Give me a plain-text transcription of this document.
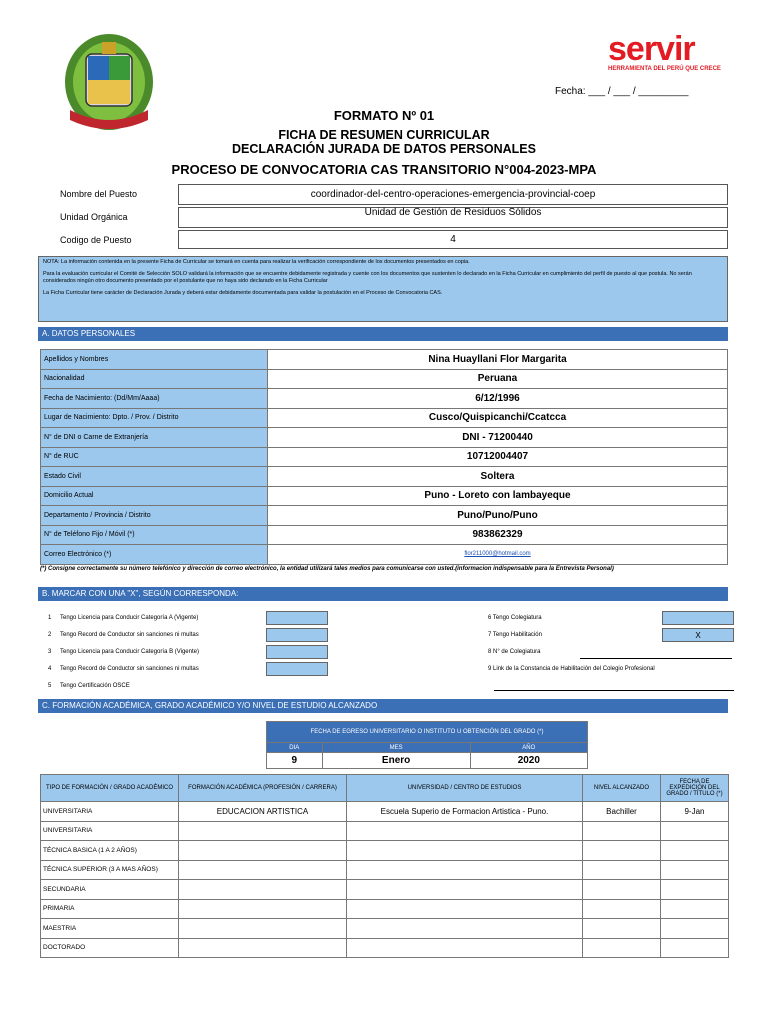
servir
HERRAMIENTA DEL PERÚ QUE CRECE
Fecha: ___ / ___ / _________
FORMATO Nº 01
FICHA DE RESUMEN CURRICULAR
DECLARACIÓN JURADA DE DATOS PERSONALES
PROCESO DE CONVOCATORIA CAS TRANSITORIO N°004-2023-MPA
Nombre del Puesto	coordinador-del-centro-operaciones-emergencia-provincial-coep
Unidad Orgánica	Unidad de Gestión de Residuos Sólidos
Codigo de Puesto	4

NOTA: La información contenida en la presente Ficha de Curricular se tomará en cuenta para realizar la verificación correspondiente de los documentos presentados en copia.

Para la evaluación curricular el Comité de Selección SOLO validará la información que se encuentre debidamente registrada y cuente con los documentos que sustenten lo declarado en la Ficha Curricular en cumplimiento del perfil de puesto al que postula. No serán considerados ningún otro documento presentado por el postulante que no haya sido declarado en la Ficha Curricular

La Ficha Curricular tiene carácter de Declaración Jurada y deberá estar debidamente documentada para validar la postulación en el Proceso de Convocatoria CAS.

A. DATOS PERSONALES
Apellidos y Nombres	Nina Huayllani Flor Margarita
Nacionalidad	Peruana
Fecha de Nacimiento: (Dd/Mm/Aaaa)	6/12/1996
Lugar de Nacimiento: Dpto. / Prov. / Distrito	Cusco/Quispicanchi/Ccatcca
N° de DNI o Carne de Extranjería	DNI - 71200440
N° de RUC	10712004407
Estado Civil	Soltera
Domicilio Actual	Puno - Loreto con lambayeque
Departamento / Provincia / Distrito	Puno/Puno/Puno
N° de Teléfono Fijo / Móvil (*)	983862329
Correo Electrónico (*)	flor211000@hotmail.com
(*) Consigne correctamente su número telefónico y dirección de correo electrónico, la entidad utilizará tales medios para comunicarse con usted.(informacion indispensable para la Entrevista Personal)
B. MARCAR CON UNA "X", SEGÚN CORRESPONDA:
1 Tengo Licencia para Conducir Categoría A (Vigente)
2 Tengo Record de Conductor sin sanciones ni multas
3 Tengo Licencia para Conducir Categoría B (Vigente)
4 Tengo Record de Conductor sin sanciones ni multas
5 Tengo Certificación OSCE
6 Tengo Colegiatura
7 Tengo Habilitación	X
8 N° de Colegiatura
9 Link de la Constancia de Habilitación del Colegio Profesional
C. FORMACIÓN ACADÉMICA, GRADO ACADÉMICO Y/O NIVEL DE ESTUDIO ALCANZADO
FECHA DE EGRESO UNIVERSITARIO O INSTITUTO U OBTENCIÓN DEL GRADO (*)		
DIA	MES	AÑO
9	Enero	2020
TIPO DE FORMACIÓN / GRADO ACADÉMICO	FORMACIÓN ACADÉMICA (PROFESIÓN / CARRERA)	UNIVERSIDAD / CENTRO DE ESTUDIOS	NIVEL ALCANZADO	FECHA DE EXPEDICIÓN DEL GRADO / TÍTULO (*)
UNIVERSITARIA	EDUCACION ARTISTICA	Escuela Superio de Formacion Artistica - Puno.	Bachiller	9-Jan
UNIVERSITARIA				
TÉCNICA BASICA (1 A 2 AÑOS)				
TÉCNICA SUPERIOR (3 A MAS AÑOS)				
SECUNDARIA				
PRIMARIA				
MAESTRIA				
DOCTORADO				
